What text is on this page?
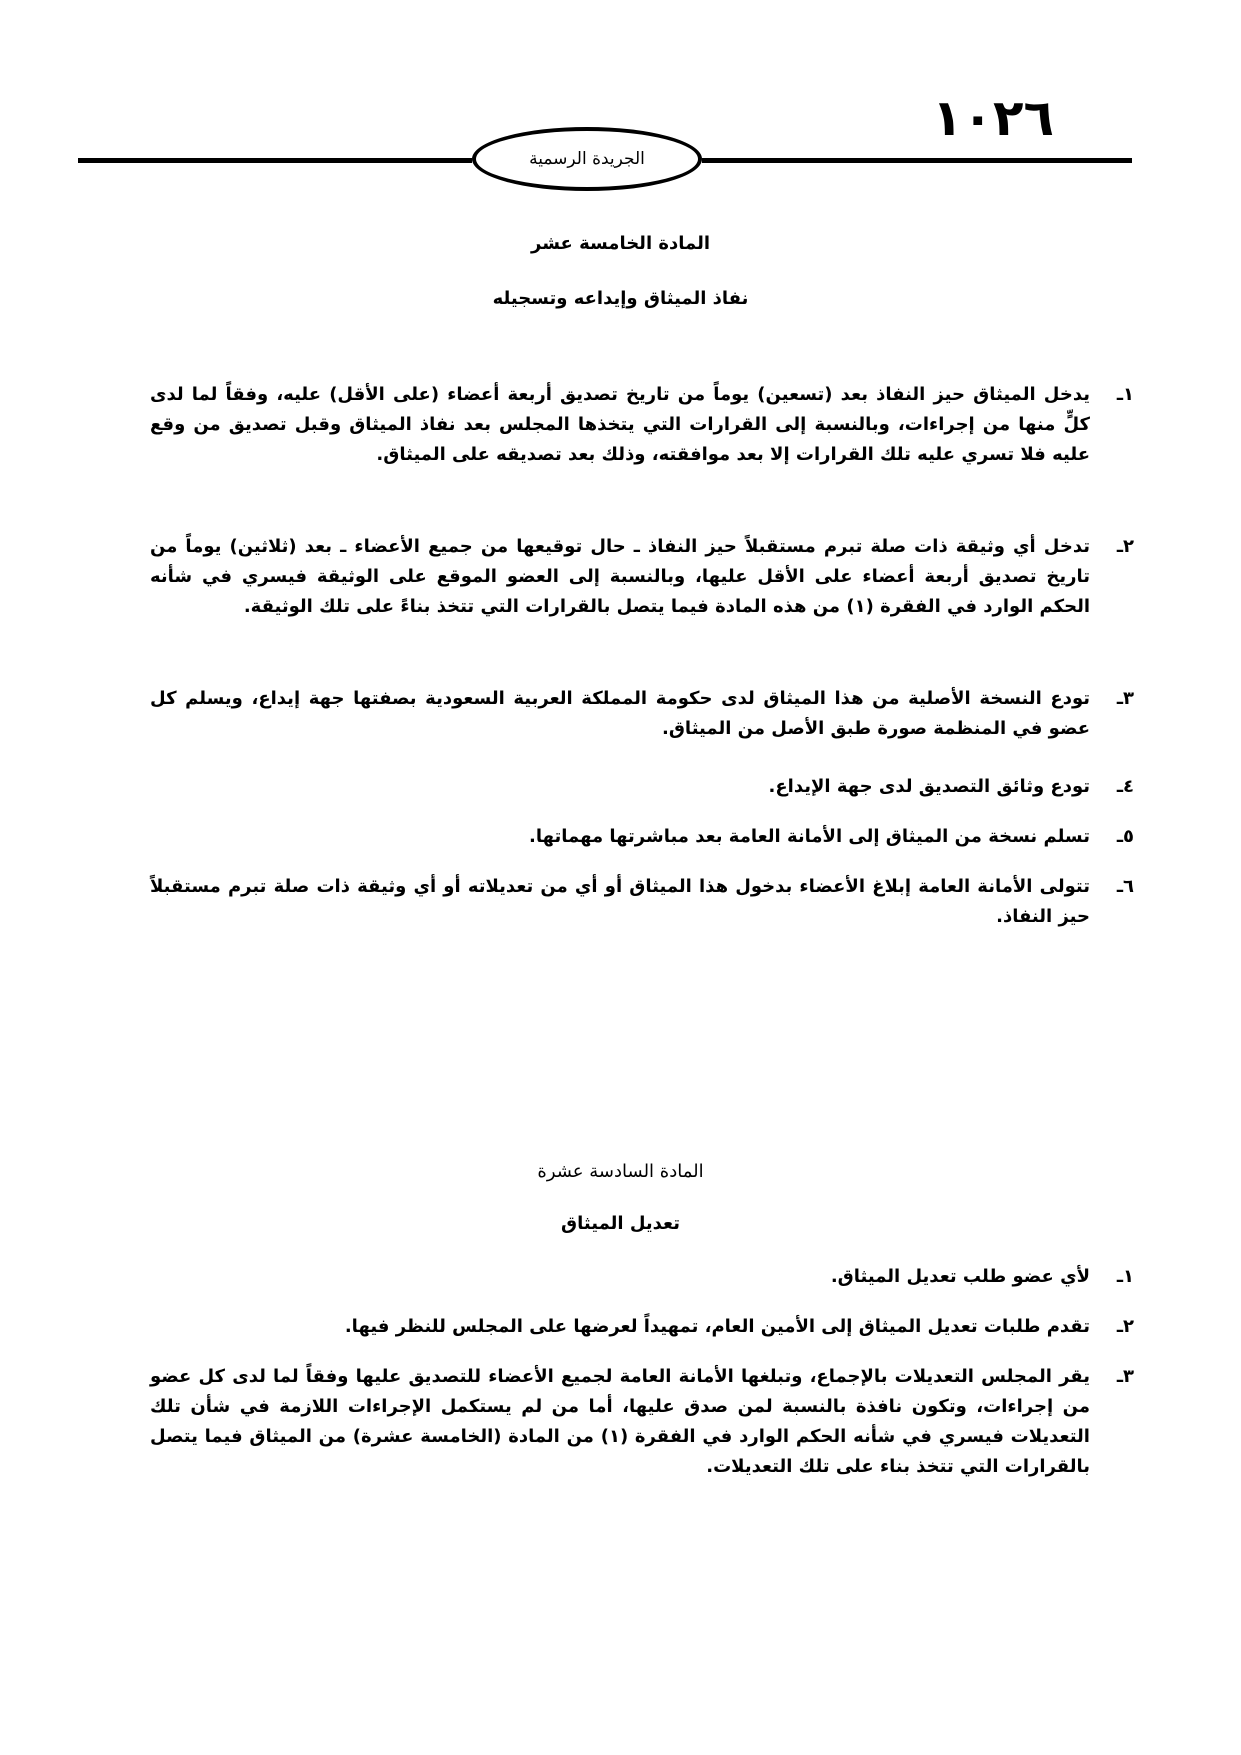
١٠٢٦
الجريدة الرسمية
المادة الخامسة عشر
نفاذ الميثاق وإيداعه وتسجيله
١ـ
يدخل الميثاق حيز النفاذ بعد (تسعين) يوماً من تاريخ تصديق أربعة أعضاء (على الأقل) عليه، وفقاً لما لدى كلٍّ منها من إجراءات، وبالنسبة إلى القرارات التي يتخذها المجلس بعد نفاذ الميثاق وقبل تصديق من وقع عليه فلا تسري عليه تلك القرارات إلا بعد موافقته، وذلك بعد تصديقه على الميثاق.
٢ـ
تدخل أي وثيقة ذات صلة تبرم مستقبلاً حيز النفاذ ـ حال توقيعها من جميع الأعضاء ـ بعد (ثلاثين) يوماً من تاريخ تصديق أربعة أعضاء على الأقل عليها، وبالنسبة إلى العضو الموقع على الوثيقة فيسري في شأنه الحكم الوارد في الفقرة (١) من هذه المادة فيما يتصل بالقرارات التي تتخذ بناءً على تلك الوثيقة.
٣ـ
تودع النسخة الأصلية من هذا الميثاق لدى حكومة المملكة العربية السعودية بصفتها جهة إيداع، ويسلم كل عضو في المنظمة صورة طبق الأصل من الميثاق.
٤ـ
تودع وثائق التصديق لدى جهة الإيداع.
٥ـ
تسلم نسخة من الميثاق إلى الأمانة العامة بعد مباشرتها مهماتها.
٦ـ
تتولى الأمانة العامة إبلاغ الأعضاء بدخول هذا الميثاق أو أي من تعديلاته أو أي وثيقة ذات صلة تبرم مستقبلاً حيز النفاذ.
المادة السادسة عشرة
تعديل الميثاق
١ـ
لأي عضو طلب تعديل الميثاق.
٢ـ
تقدم طلبات تعديل الميثاق إلى الأمين العام، تمهيداً لعرضها على المجلس للنظر فيها.
٣ـ
يقر المجلس التعديلات بالإجماع، وتبلغها الأمانة العامة لجميع الأعضاء للتصديق عليها وفقاً لما لدى كل عضو من إجراءات، وتكون نافذة بالنسبة لمن صدق عليها، أما من لم يستكمل الإجراءات اللازمة في شأن تلك التعديلات فيسري في شأنه الحكم الوارد في الفقرة (١) من المادة (الخامسة عشرة) من الميثاق فيما يتصل بالقرارات التي تتخذ بناء على تلك التعديلات.
